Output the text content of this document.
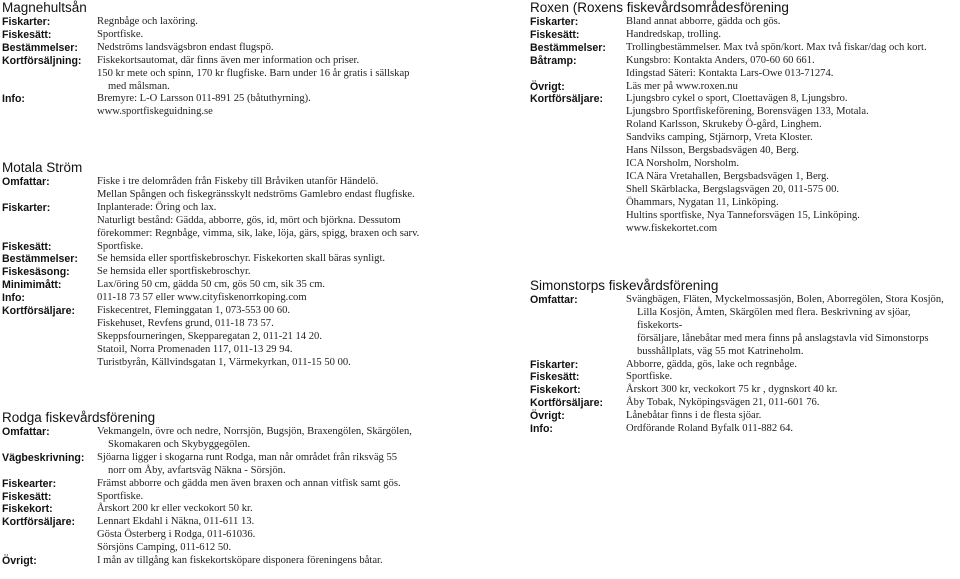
Magnehultsån
Fiskarter:	Regnbåge och laxöring.
Fiskesätt:	Sportfiske.
Bestämmelser:	Nedströms landsvägsbron endast flugspö.
Kortförsäljning:	Fiskekortsautomat, där finns även mer information och priser.
150 kr mete och spinn, 170 kr flugfiske. Barn under 16 år gratis i sällskap
med målsman.
Info:	Bremyre: L-O Larsson 011-891 25 (båtuthyrning).
www.sportfiskeguidning.se
Motala Ström
Omfattar:	Fiske i tre delområden från Fiskeby till Bråviken utanför Händelö.
Mellan Spången och fiskegränsskylt nedströms Gamlebro endast flugfiske.
Fiskarter:	Inplanterade: Öring och lax.
Naturligt bestånd: Gädda, abborre, gös, id, mört och björkna. Dessutom
förekommer: Regnbåge, vimma, sik, lake, löja, gärs, spigg, braxen och sarv.
Fiskesätt:	Sportfiske.
Bestämmelser:	Se hemsida eller sportfiskebroschyr. Fiskekorten skall bäras synligt.
Fiskesäsong:	Se hemsida eller sportfiskebroschyr.
Minimimått:	Lax/öring 50 cm, gädda 50 cm, gös 50 cm, sik 35 cm.
Info:	011-18 73 57 eller www.cityfiskenorrkoping.com
Kortförsäljare:	Fiskecentret, Fleminggatan 1, 073-553 00 60.
Fiskehuset, Revfens grund, 011-18 73 57.
Skeppsfourneringen, Skepparegatan 2, 011-21 14 20.
Statoil, Norra Promenaden 117, 011-13 29 94.
Turistbyrån, Källvindsgatan 1, Värmekyrkan, 011-15 50 00.
Rodga fiskevårdsförening
Omfattar:	Vekmangeln, övre och nedre, Norrsjön, Bugsjön, Braxengölen, Skärgölen,
Skomakaren och Skybyggegölen.
Vägbeskrivning:	Sjöarna ligger i skogarna runt Rodga, man når området från riksväg 55
norr om Åby, avfartsväg Näkna - Sörsjön.
Fiskearter:	Främst abborre och gädda men även braxen och annan vitfisk samt gös.
Fiskesätt:	Sportfiske.
Fiskekort:	Årskort 200 kr eller veckokort 50 kr.
Kortförsäljare:	Lennart Ekdahl i Näkna, 011-611 13.
Gösta Österberg i Rodga, 011-61036.
Sörsjöns Camping, 011-612 50.
Övrigt:	I mån av tillgång kan fiskekortsköpare disponera föreningens båtar.
Roxen (Roxens fiskevårdsområdesförening
Fiskarter:	Bland annat abborre, gädda och gös.
Fiskesätt:	Handredskap, trolling.
Bestämmelser:	Trollingbestämmelser. Max två spön/kort. Max två fiskar/dag och kort.
Båtramp:	Kungsbro: Kontakta Anders, 070-60 60 661.
Idingstad Säteri: Kontakta Lars-Owe 013-71274.
Övrigt:	Läs mer på www.roxen.nu
Kortförsäljare:	Ljungsbro cykel o sport, Cloettavägen 8, Ljungsbro.
Ljungsbro Sportfiskeförening, Borensvägen 133, Motala.
Roland Karlsson, Skrukeby Ö-gård, Linghem.
Sandviks camping, Stjärnorp, Vreta Kloster.
Hans Nilsson, Bergsbadsvägen 40, Berg.
ICA Norsholm, Norsholm.
ICA Nära Vretahallen, Bergsbadsvägen 1, Berg.
Shell Skärblacka, Bergslagsvägen 20, 011-575 00.
Öhammars, Nygatan 11, Linköping.
Hultins sportfiske, Nya Tanneforsvägen 15, Linköping.
www.fiskekortet.com
Simonstorps fiskevårdsförening
Omfattar:	Svängbägen, Fläten, Myckelmossasjön, Bolen, Aborregölen, Stora Kosjön,
Lilla Kosjön, Åmten, Skärgölen med flera. Beskrivning av sjöar, fiskekorts-
försäljare, lånebåtar med mera finns på anslagstavla vid Simonstorps
busshållplats, väg 55 mot Katrineholm.
Fiskarter:	Abborre, gädda, gös, lake och regnbåge.
Fiskesätt:	Sportfiske.
Fiskekort:	Årskort 300 kr, veckokort 75 kr , dygnskort 40 kr.
Kortförsäljare:	Åby Tobak, Nyköpingsvägen 21, 011-601 76.
Övrigt:	Lånebåtar finns i de flesta sjöar.
Info:	Ordförande Roland Byfalk 011-882 64.
